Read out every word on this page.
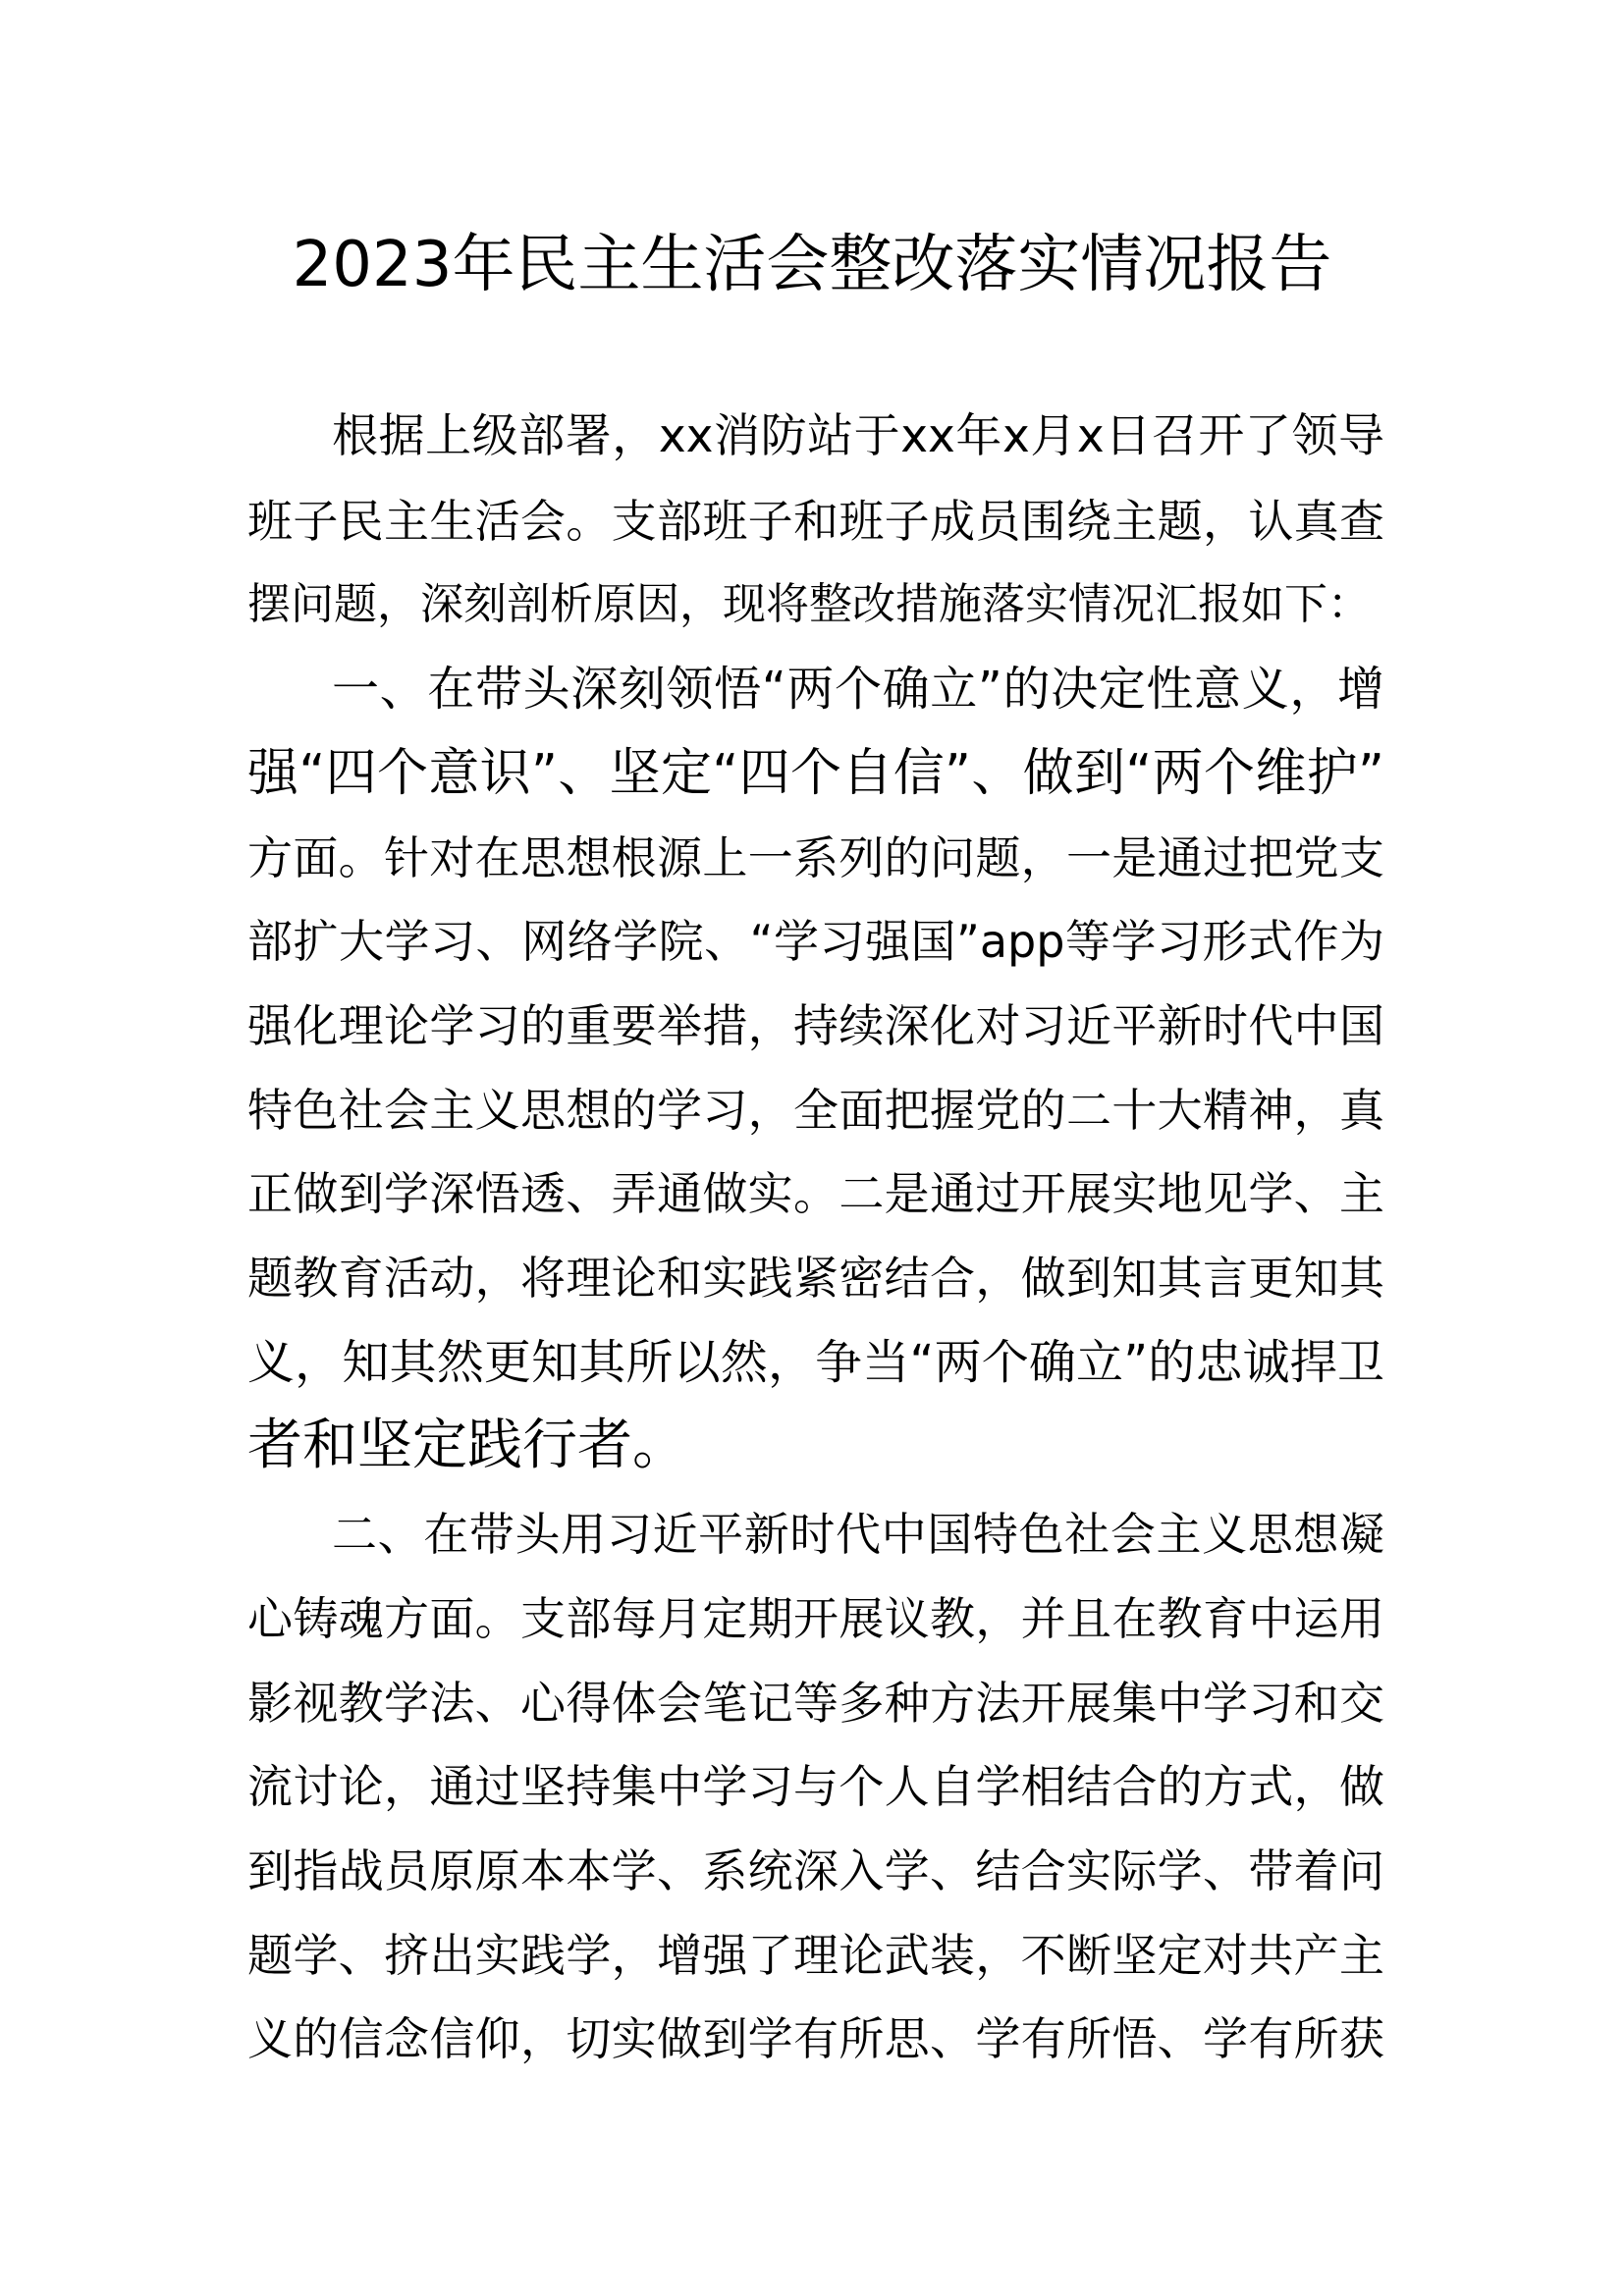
2023年民主生活会整改落实情况报告
根据上级部署，xx消防站于xx年x月x日召开了领导
班子民主生活会。支部班子和班子成员围绕主题，认真查
摆问题，深刻剖析原因，现将整改措施落实情况汇报如下：
一、在带头深刻领悟“两个确立”的决定性意义，增
强“四个意识”、坚定“四个自信”、做到“两个维护”
方面。针对在思想根源上一系列的问题，一是通过把党支
部扩大学习、网络学院、“学习强国”app等学习形式作为
强化理论学习的重要举措，持续深化对习近平新时代中国
特色社会主义思想的学习，全面把握党的二十大精神，真
正做到学深悟透、弄通做实。二是通过开展实地见学、主
题教育活动，将理论和实践紧密结合，做到知其言更知其
义，知其然更知其所以然，争当“两个确立”的忠诚捍卫
者和坚定践行者。
二、在带头用习近平新时代中国特色社会主义思想凝
心铸魂方面。支部每月定期开展议教，并且在教育中运用
影视教学法、心得体会笔记等多种方法开展集中学习和交
流讨论，通过坚持集中学习与个人自学相结合的方式，做
到指战员原原本本学、系统深入学、结合实际学、带着问
题学、挤出实践学，增强了理论武装，不断坚定对共产主
义的信念信仰，切实做到学有所思、学有所悟、学有所获
